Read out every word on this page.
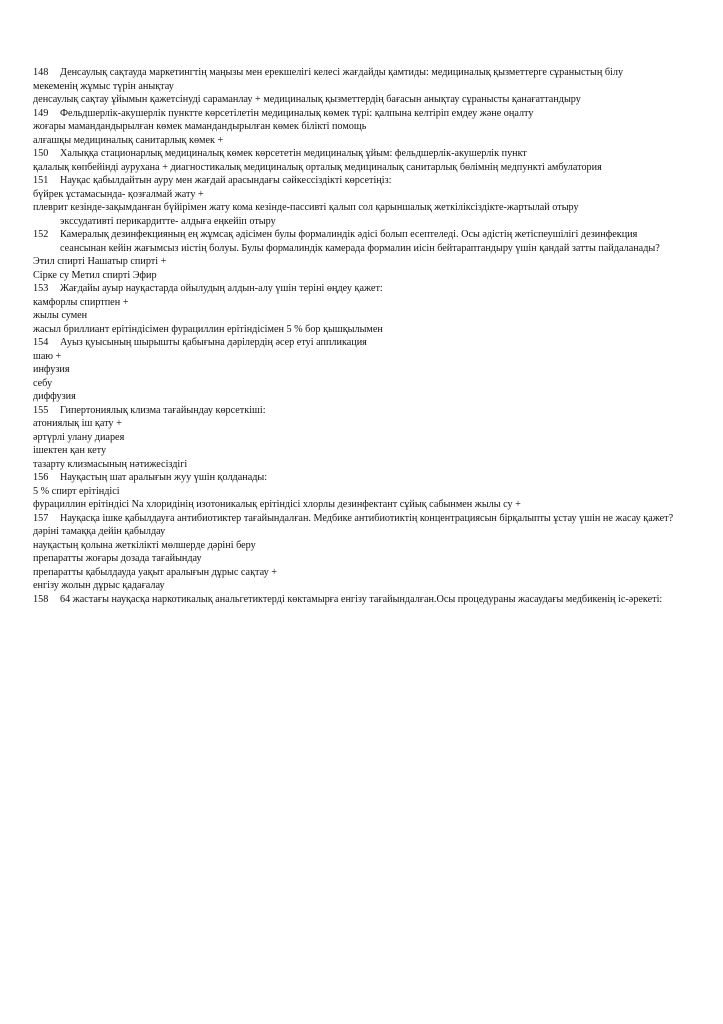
148 Денсаулық сақтауда маркетингтің маңызы мен ерекшелігі келесі жағдайды қамтиды: медициналық қызметтерге сұраныстың білу
мекеменің жұмыс түрін анықтау
денсаулық сақтау ұйымын қажетсінуді сараманлау + медициналық қызметтердің бағасын анықтау сұранысты қанағаттандыру
149 Фельдшерлік-акушерлік пунктте көрсетілетін медициналық көмек түрі: қалпына келтіріп емдеу және оңалту
жоғары мамандандырылған көмек мамандандырылған көмек білікті помощь
алғашқы медициналық санитарлық көмек +
150 Халыққа стационарлық медициналық көмек көрсететін медициналық ұйым: фельдшерлік-акушерлік пункт
қалалық көпбейінді аурухана + диагностикалық медициналық орталық медициналық санитарлық бөлімнің медпункті амбулатория
151 Науқас қабылдайтын ауру мен жағдай арасындағы сәйкессіздікті көрсетіңіз:
бүйрек ұстамасында- қозғалмай жату +
плеврит кезінде-зақымданған бүйірімен жату кома кезінде-пассивті қалып сол қарыншалық жеткіліксіздікте-жартылай отыру
экссудативті перикардитте- алдыға еңкейіп отыру
152 Камералық дезинфекцияның ең жұмсақ әдісімен булы формалиндік әдісі болып есептеледі. Осы әдістің жетіспеушілігі дезинфекция сеансынан кейін жағымсыз иістің болуы. Булы формалиндік камерада формалин иісін бейтараптандыру үшін қандай затты пайдаланады?
Этил спирті Нашатыр спирті +
Сірке су Метил спирті Эфир
153 Жағдайы ауыр науқастарда ойылудың алдын-алу үшін теріні өңдеу қажет:
камфорлы спиртпен +
жылы сумен
жасыл бриллиант ерітіндісімен фурациллин ерітіндісімен 5 % бор қышқылымен
154 Ауыз қуысының шырышты қабығына дәрілердің әсер етуі аппликация
шаю +
инфузия
себу
диффузия
155 Гипертониялық клизма тағайындау көрсеткіші:
атониялық іш қату +
әртүрлі улану диарея
ішектен қан кету
тазарту клизмасының нәтижесіздігі
156 Науқастың шат аралығын жуу үшін қолданады:
5 % спирт ерітіндісі
фурациллин ерітіндісі Na хлоридінің изотоникалық ерітіндісі хлорлы дезинфектант сұйық сабынмен жылы су +
157 Науқасқа ішке қабылдауға антибиотиктер тағайындалған. Медбике антибиотиктің концентрациясын бірқалыпты ұстау үшін не жасау қажет?
дәріні тамаққа дейін қабылдау
науқастың қолына жеткілікті мөлшерде дәріні беру
препаратты жоғары дозада тағайындау
препаратты қабылдауда уақыт аралығын дұрыс сақтау +
енгізу жолын дұрыс қадағалау
158 64 жастағы науқасқа наркотикалық анальгетиктерді көктамырға енгізу тағайындалған.Осы процедураны жасаудағы медбикенің іс-әрекеті:
